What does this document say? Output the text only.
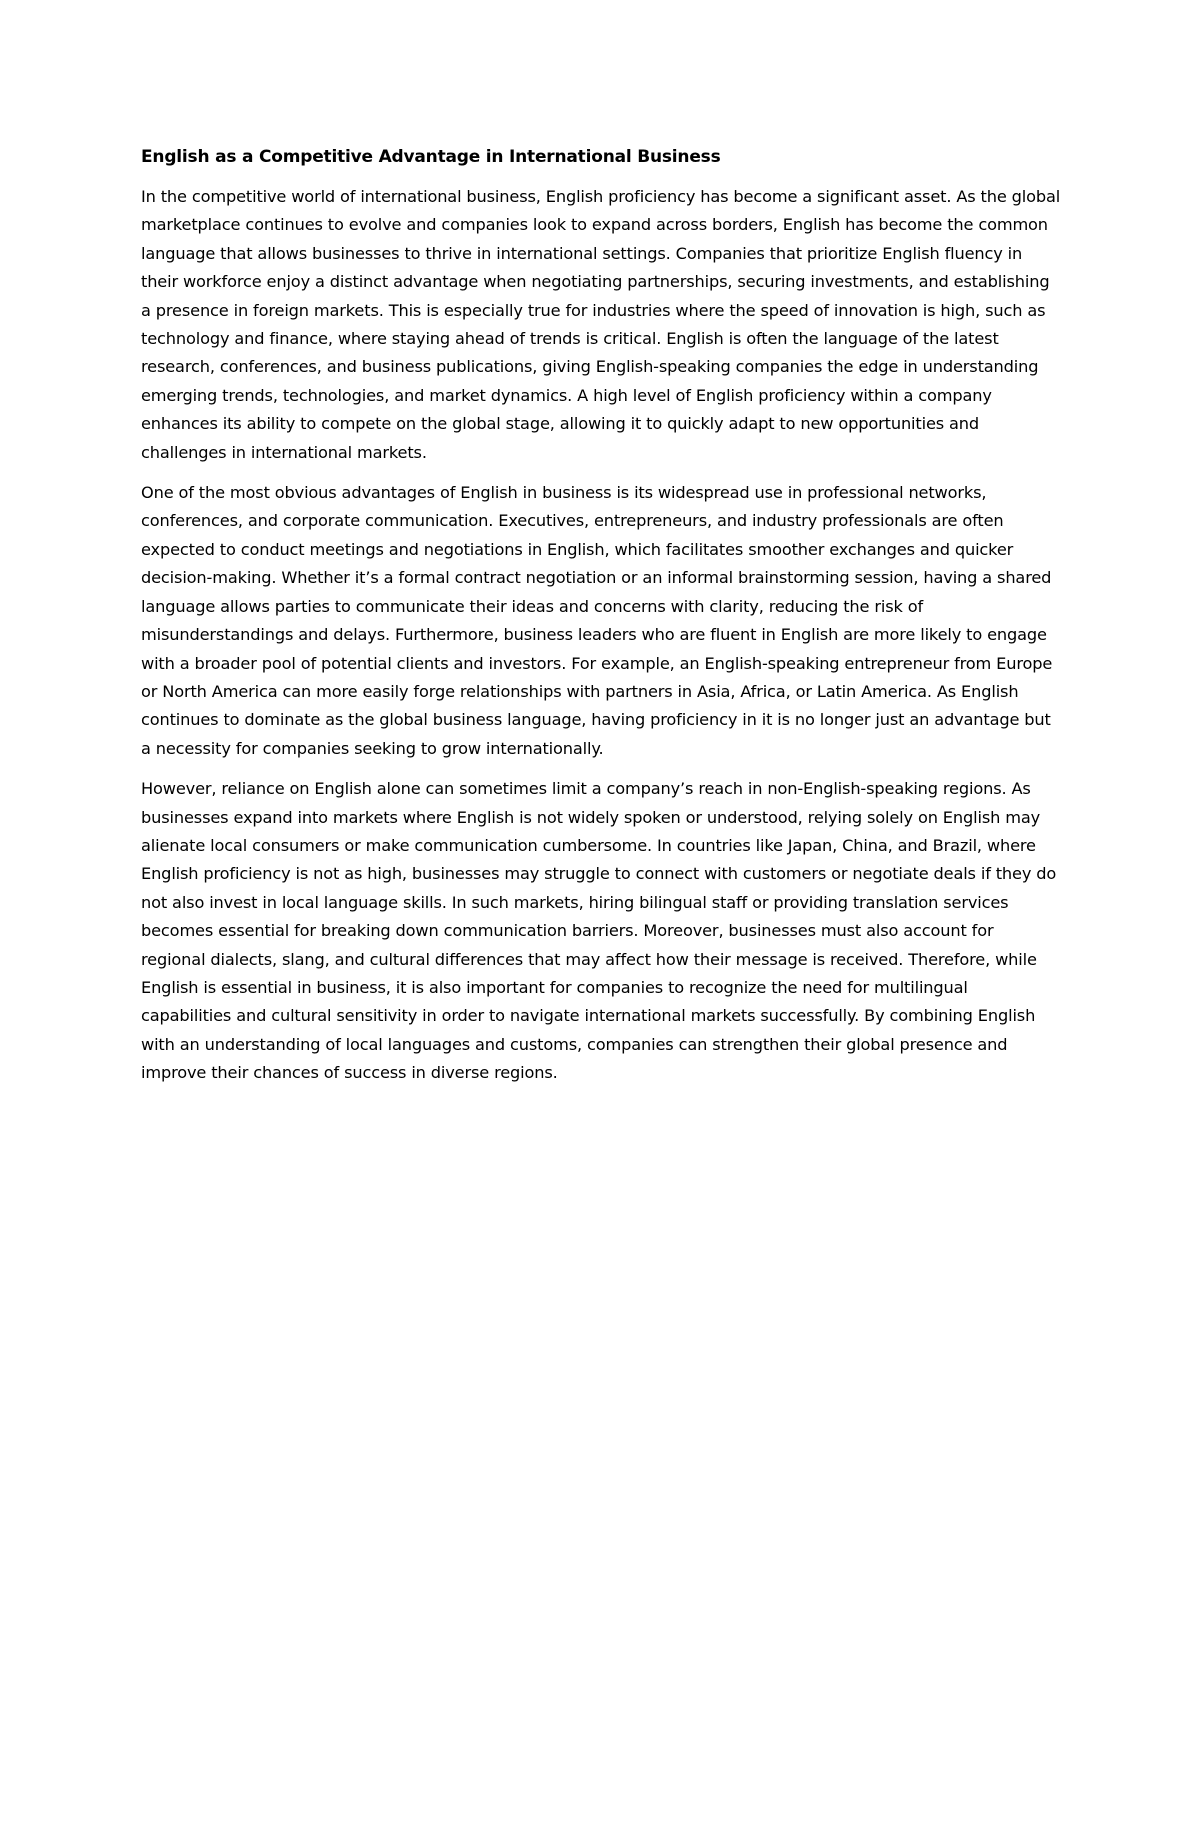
English as a Competitive Advantage in International Business

In the competitive world of international business, English proficiency has become a significant asset. As the global marketplace continues to evolve and companies look to expand across borders, English has become the common language that allows businesses to thrive in international settings. Companies that prioritize English fluency in their workforce enjoy a distinct advantage when negotiating partnerships, securing investments, and establishing a presence in foreign markets. This is especially true for industries where the speed of innovation is high, such as technology and finance, where staying ahead of trends is critical. English is often the language of the latest research, conferences, and business publications, giving English-speaking companies the edge in understanding emerging trends, technologies, and market dynamics. A high level of English proficiency within a company enhances its ability to compete on the global stage, allowing it to quickly adapt to new opportunities and challenges in international markets.

One of the most obvious advantages of English in business is its widespread use in professional networks, conferences, and corporate communication. Executives, entrepreneurs, and industry professionals are often expected to conduct meetings and negotiations in English, which facilitates smoother exchanges and quicker decision-making. Whether it’s a formal contract negotiation or an informal brainstorming session, having a shared language allows parties to communicate their ideas and concerns with clarity, reducing the risk of misunderstandings and delays. Furthermore, business leaders who are fluent in English are more likely to engage with a broader pool of potential clients and investors. For example, an English-speaking entrepreneur from Europe or North America can more easily forge relationships with partners in Asia, Africa, or Latin America. As English continues to dominate as the global business language, having proficiency in it is no longer just an advantage but a necessity for companies seeking to grow internationally.

However, reliance on English alone can sometimes limit a company’s reach in non-English-speaking regions. As businesses expand into markets where English is not widely spoken or understood, relying solely on English may alienate local consumers or make communication cumbersome. In countries like Japan, China, and Brazil, where English proficiency is not as high, businesses may struggle to connect with customers or negotiate deals if they do not also invest in local language skills. In such markets, hiring bilingual staff or providing translation services becomes essential for breaking down communication barriers. Moreover, businesses must also account for regional dialects, slang, and cultural differences that may affect how their message is received. Therefore, while English is essential in business, it is also important for companies to recognize the need for multilingual capabilities and cultural sensitivity in order to navigate international markets successfully. By combining English with an understanding of local languages and customs, companies can strengthen their global presence and improve their chances of success in diverse regions.
